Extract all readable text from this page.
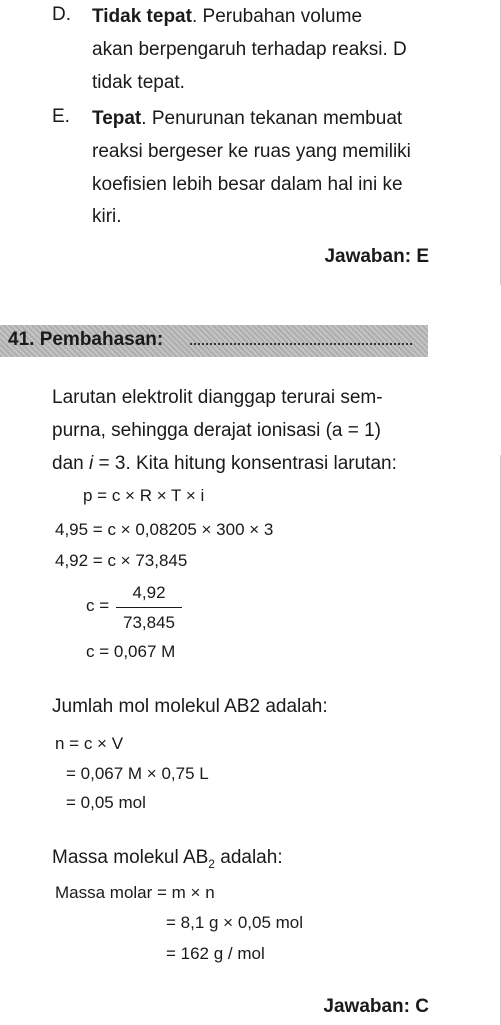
D. Tidak tepat. Perubahan volume
akan berpengaruh terhadap reaksi. D
tidak tepat.
E. Tepat. Penurunan tekanan membuat
reaksi bergeser ke ruas yang memiliki
koefisien lebih besar dalam hal ini ke
kiri.
Jawaban: E
41. Pembahasan:
Larutan elektrolit dianggap terurai sem-
purna, sehingga derajat ionisasi (a = 1)
dan i = 3. Kita hitung konsentrasi larutan:
p = c × R × T × i
4,95 = c × 0,08205 × 300 × 3
4,92 = c × 73,845
c =
4,92
73,845
c = 0,067 M
Jumlah mol molekul AB2 adalah:
n = c × V
= 0,067 M × 0,75 L
= 0,05 mol
Massa molekul $AB_2$ adalah:
Massa molar = m × n
= 8,1 g × 0,05 mol
= 162 g / mol
Jawaban: C
